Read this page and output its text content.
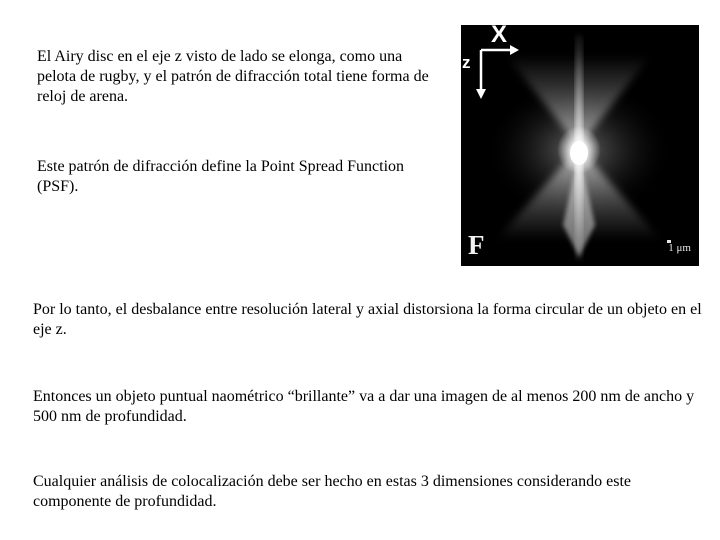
El Airy disc en el eje z visto de lado se elonga, como una pelota de rugby, y el patrón de difracción total tiene forma de reloj de arena.

Este patrón de difracción define la Point Spread Function (PSF).

X
z
F	1 μm

Por lo tanto, el desbalance entre resolución lateral y axial distorsiona la forma circular de un objeto en el eje z.

Entonces un objeto puntual naométrico “brillante” va a dar una imagen de al menos 200 nm de ancho y 500 nm de profundidad.

Cualquier análisis de colocalización debe ser hecho en estas 3 dimensiones considerando este componente de profundidad.
